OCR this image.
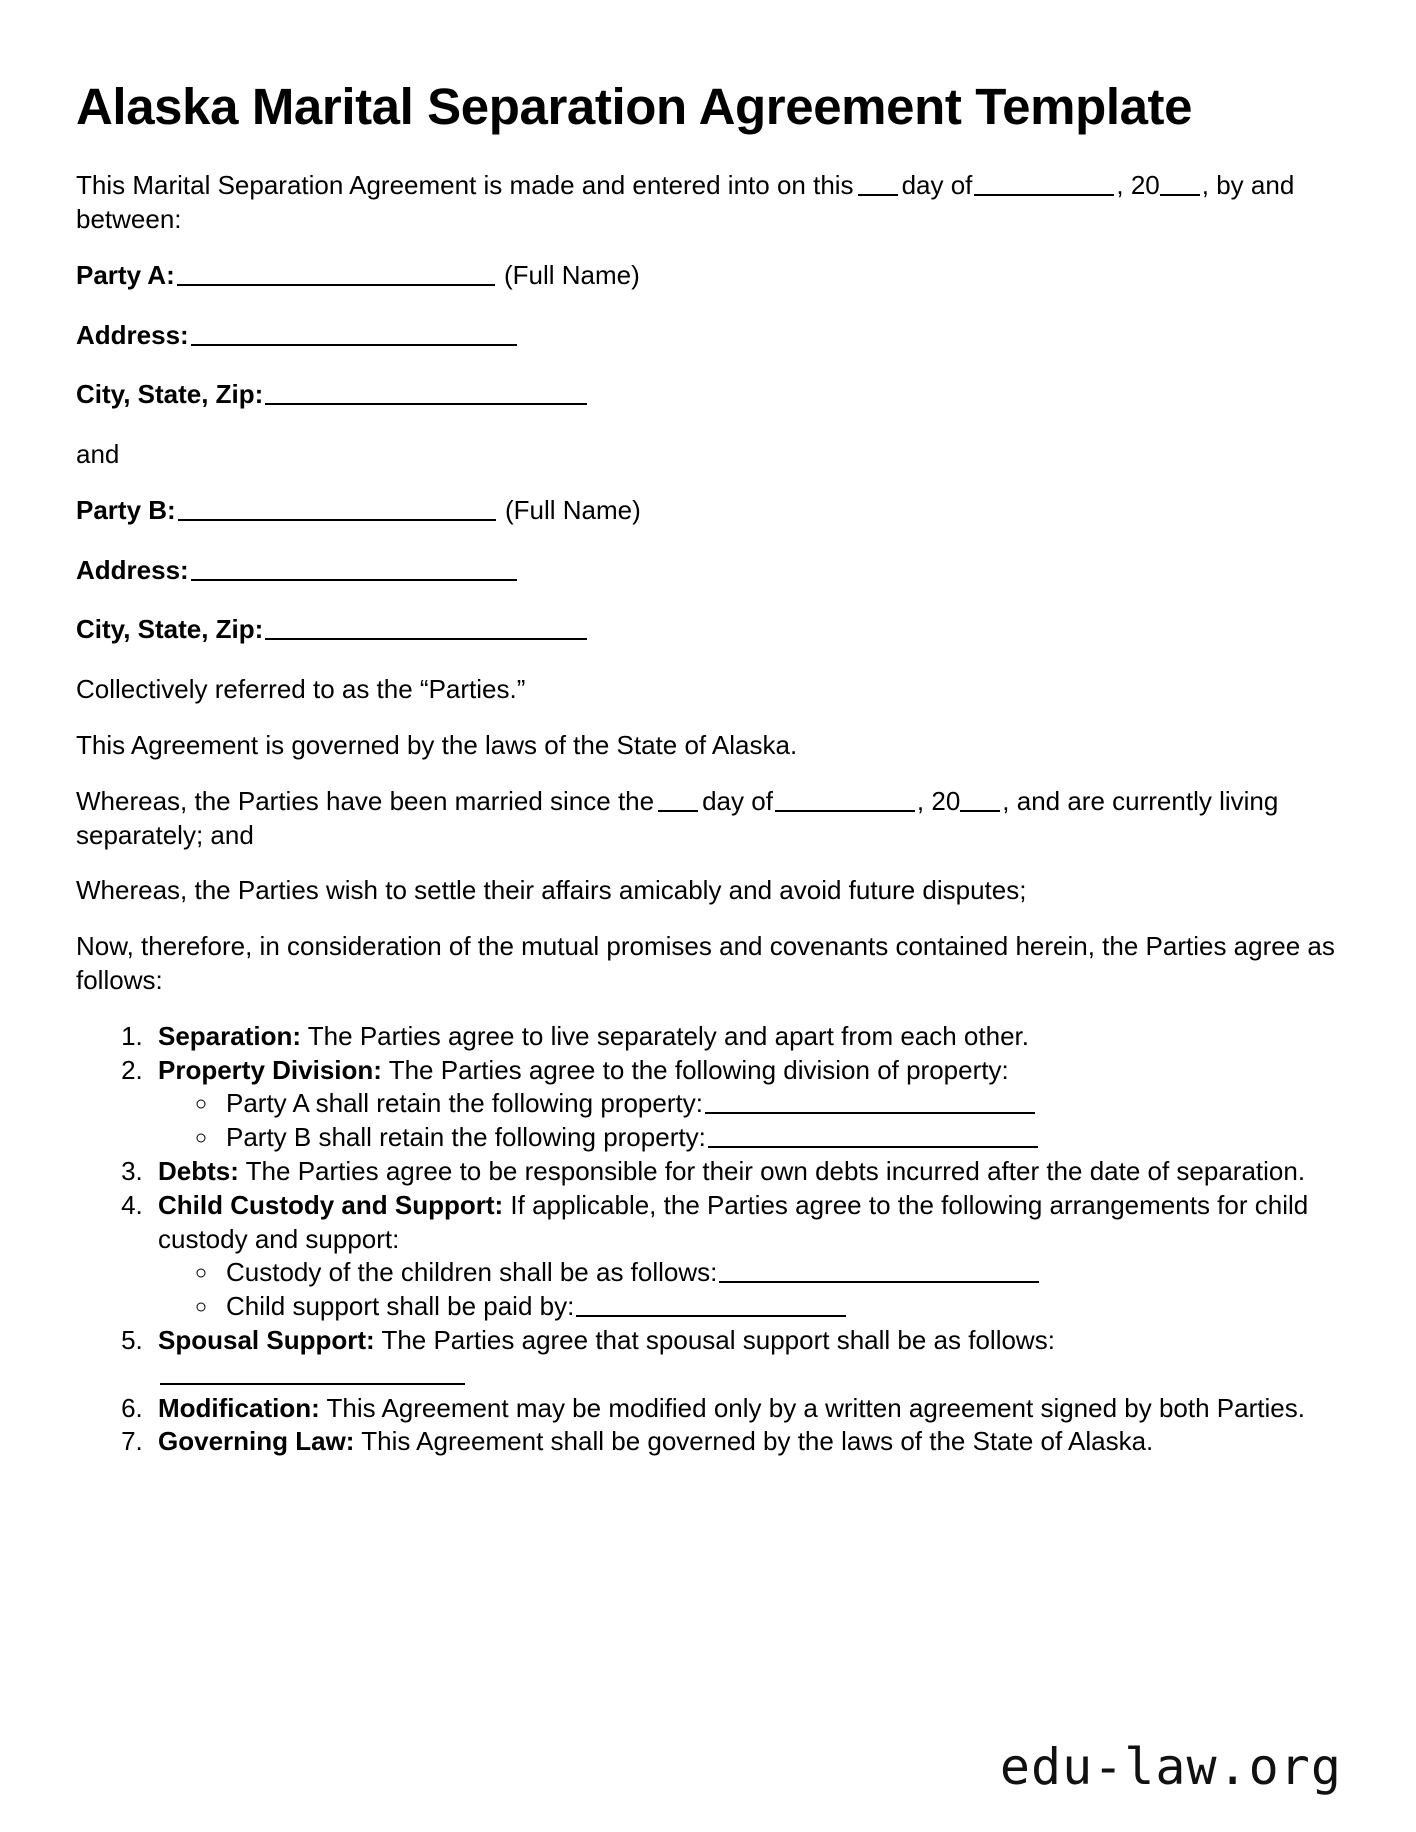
Alaska Marital Separation Agreement Template

This Marital Separation Agreement is made and entered into on this day of	, 20 , by and between:

Party A:	(Full Name)

Address:

City, State, Zip:

and

Party B:	(Full Name)

Address:

City, State, Zip:

Collectively referred to as the “Parties.”

This Agreement is governed by the laws of the State of Alaska.

Whereas, the Parties have been married since the day of	, 20 , and are currently living separately; and

Whereas, the Parties wish to settle their affairs amicably and avoid future disputes;

Now, therefore, in consideration of the mutual promises and covenants contained herein, the Parties agree as follows:

1. Separation: The Parties agree to live separately and apart from each other.
2. Property Division: The Parties agree to the following division of property:
◦ Party A shall retain the following property:
◦ Party B shall retain the following property:
3. Debts: The Parties agree to be responsible for their own debts incurred after the date of separation.
4. Child Custody and Support: If applicable, the Parties agree to the following arrangements for child custody and support:
◦ Custody of the children shall be as follows:
◦ Child support shall be paid by:
5. Spousal Support: The Parties agree that spousal support shall be as follows:
6. Modification: This Agreement may be modified only by a written agreement signed by both Parties.
7. Governing Law: This Agreement shall be governed by the laws of the State of Alaska.
edu-law.org
